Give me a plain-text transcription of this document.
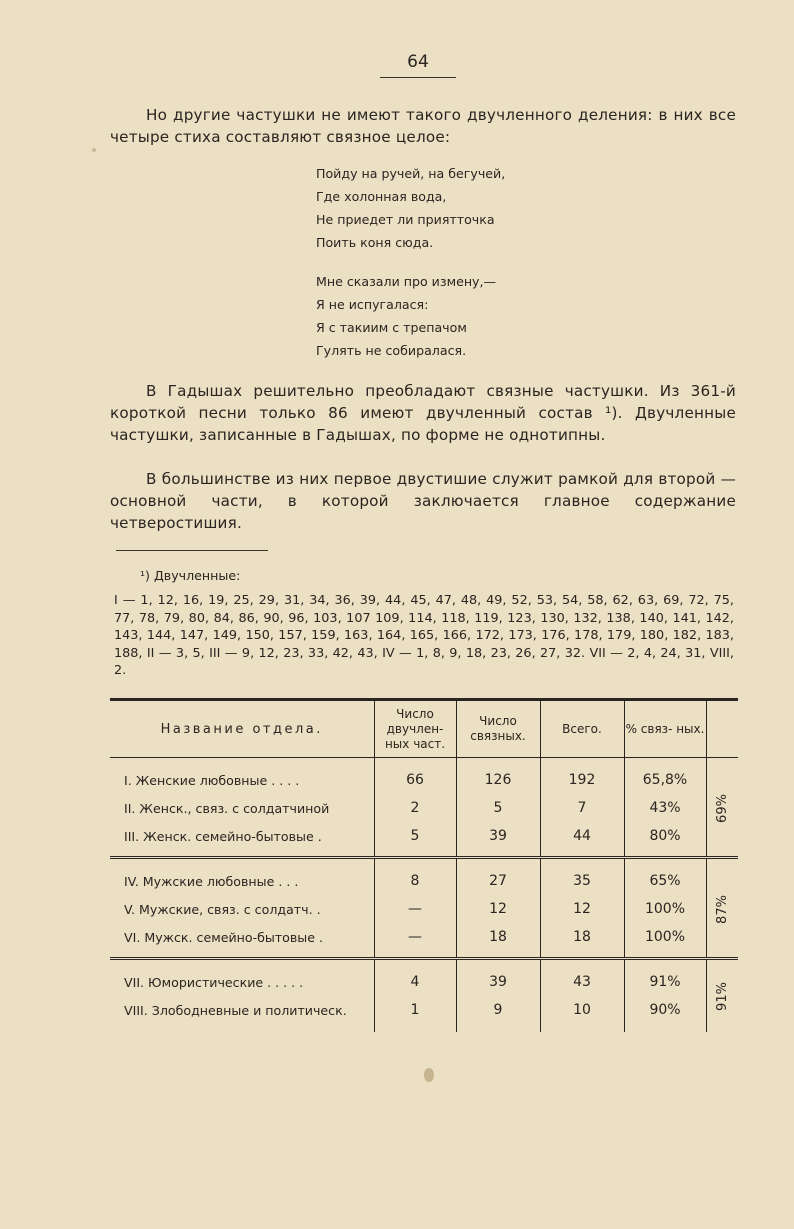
64
Но другие частушки не имеют такого двучленного деления: в них все четыре стиха составляют связное целое:
Пойду на ручей, на бегучей,
Где холонная вода,
Не приедет ли приятточка
Поить коня сюда.
Мне сказали про измену,—
Я не испугалася:
Я с такиим с трепачом
Гулять не собиралася.
В Гадышах решительно преобладают связные частушки. Из 361-й короткой песни только 86 имеют двучленный состав ¹). Двучленные частушки, записанные в Гадышах, по форме не однотипны.
В большинстве из них первое двустишие служит рамкой для второй — основной части, в которой заключается главное содержание четверостишия.
¹) Двучленные:
I — 1, 12, 16, 19, 25, 29, 31, 34, 36, 39, 44, 45, 47, 48, 49, 52, 53, 54, 58, 62, 63, 69, 72, 75, 77, 78, 79, 80, 84, 86, 90, 96, 103, 107 109, 114, 118, 119, 123, 130, 132, 138, 140, 141, 142, 143, 144, 147, 149, 150, 157, 159, 163, 164, 165, 166, 172, 173, 176, 178, 179, 180, 182, 183, 188, II — 3, 5, III — 9, 12, 23, 33, 42, 43, IV — 1, 8, 9, 18, 23, 26, 27, 32. VII — 2, 4, 24, 31, VIII, 2.

Название отдела.	Число двучлен- ных част.	Число связных.	Всего.	% связ- ных.	

I. Женские любовные . . . .	66	126	192	65,8%	69%
II. Женск., связ. с солдатчиной	2	5	7	43%	
III. Женск. семейно-бытовые .	5	39	44	80%	

IV. Мужские любовные . . .	8	27	35	65%	87%
V. Мужские, связ. с солдатч. .	—	12	12	100%	
VI. Мужск. семейно-бытовые .	—	18	18	100%	

VII. Юмористические . . . . .	4	39	43	91%	91%
VIII. Злободневные и политическ.	1	9	10	90%	
